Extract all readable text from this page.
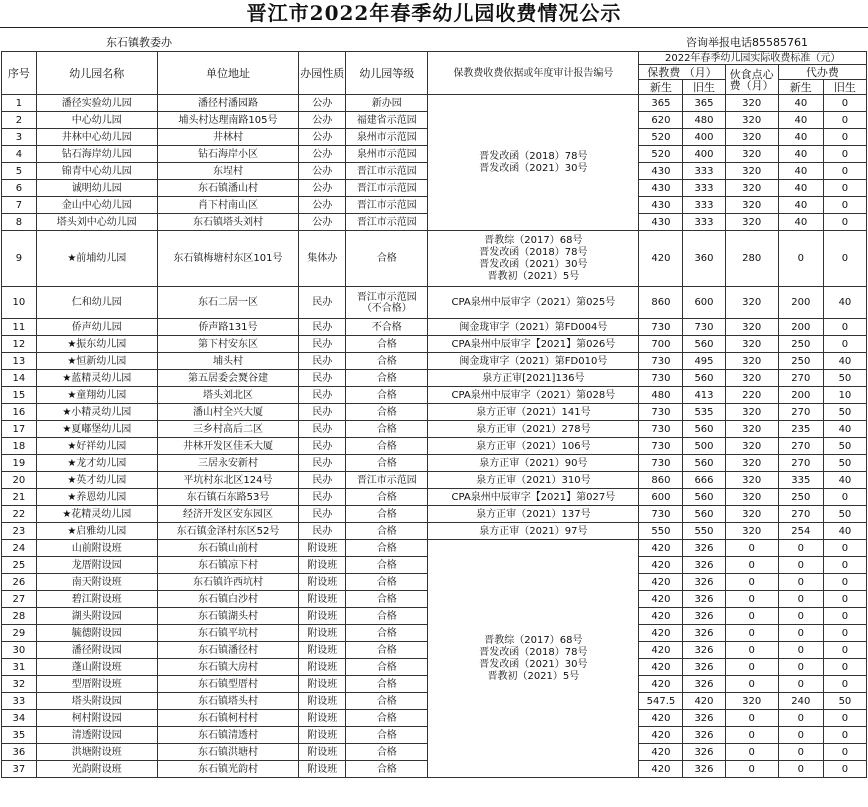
晋江市2022年春季幼儿园收费情况公示
东石镇教委办	咨询举报电话85585761
序号	幼儿园名称	单位地址	办园性质	幼儿园等级	保教费收费依据或年度审计报告编号	2022年春季幼儿园实际收费标准（元）				
						保教费 （月）		伙食点心费（月）	代办费	
						新生	旧生		新生	旧生
1	潘径实验幼儿园	潘径村潘园路	公办	新办园	晋发改函（2018）78号
晋发改函（2021）30号	365	365	320	40	0
2	中心幼儿园	埔头村达理南路105号	公办	福建省示范园		620	480	320	40	0
3	井林中心幼儿园	井林村	公办	泉州市示范园		520	400	320	40	0
4	钻石海岸幼儿园	钻石海岸小区	公办	泉州市示范园		520	400	320	40	0
5	锦青中心幼儿园	东埕村	公办	晋江市示范园		430	333	320	40	0
6	诚明幼儿园	东石镇潘山村	公办	晋江市示范园		430	333	320	40	0
7	金山中心幼儿园	肖下村南山区	公办	晋江市示范园		430	333	320	40	0
8	塔头刘中心幼儿园	东石镇塔头刘村	公办	晋江市示范园		430	333	320	40	0
9	★前埔幼儿园	东石镇梅塘村东区101号	集体办	合格	晋教综（2017）68号
晋发改函（2018）78号
晋发改函（2021）30号
晋教初（2021）5号	420	360	280	0	0
10	仁和幼儿园	东石二居一区	民办	晋江市示范园 （不合格）	CPA泉州中辰审字（2021）第025号	860	600	320	200	40
11	侨声幼儿园	侨声路131号	民办	不合格	闽金珑审字（2021）第FD004号	730	730	320	200	0
12	★振东幼儿园	第下村安东区	民办	合格	CPA泉州中辰审字【2021】第026号	700	560	320	250	0
13	★恒新幼儿园	埔头村	民办	合格	闽金珑审字（2021）第FD010号	730	495	320	250	40
14	★蓝精灵幼儿园	第五居委会燹谷建	民办	合格	泉方正审[2021]136号	730	560	320	270	50
15	★童翔幼儿园	塔头刘北区	民办	合格	CPA泉州中辰审字（2021）第028号	480	413	220	200	10
16	★小精灵幼儿园	潘山村全兴大厦	民办	合格	泉方正审（2021）141号	730	535	320	270	50
17	★夏嘟堡幼儿园	三乡村高后二区	民办	合格	泉方正审（2021）278号	730	560	320	235	40
18	★好祥幼儿园	井林开发区佳禾大厦	民办	合格	泉方正审（2021）106号	730	500	320	270	50
19	★龙才幼儿园	三居永安新村	民办	合格	泉方正审（2021）90号	730	560	320	270	50
20	★英才幼儿园	平坑村东北区124号	民办	晋江市示范园	泉方正审（2021）310号	860	666	320	335	40
21	★养恩幼儿园	东石镇石东路53号	民办	合格	CPA泉州中辰审字【2021】第027号	600	560	320	250	0
22	★花精灵幼儿园	经济开发区安东园区	民办	合格	泉方正审（2021）137号	730	560	320	270	50
23	★启雅幼儿园	东石镇金泽村东区52号	民办	合格	泉方正审（2021）97号	550	550	320	254	40
24	山前附设班	东石镇山前村	附设班	合格	晋教综（2017）68号
晋发改函（2018）78号
晋发改函（2021）30号
晋教初（2021）5号	420	326	0	0	0
25	龙厝附设园	东石镇凉下村	附设班	合格		420	326	0	0	0
26	南天附设班	东石镇许西坑村	附设班	合格		420	326	0	0	0
27	碧江附设班	东石镇白沙村	附设班	合格		420	326	0	0	0
28	湖头附设园	东石镇湖头村	附设班	合格		420	326	0	0	0
29	毓德附设园	东石镇平坑村	附设班	合格		420	326	0	0	0
30	潘径附设园	东石镇潘径村	附设班	合格		420	326	0	0	0
31	蓬山附设班	东石镇大房村	附设班	合格		420	326	0	0	0
32	型厝附设班	东石镇型厝村	附设班	合格		420	326	0	0	0
33	塔头附设园	东石镇塔头村	附设班	合格		547.5	420	320	240	50
34	柯村附设园	东石镇柯村村	附设班	合格		420	326	0	0	0
35	清透附设园	东石镇清透村	附设班	合格		420	326	0	0	0
36	洪塘附设班	东石镇洪塘村	附设班	合格		420	326	0	0	0
37	光韵附设班	东石镇光韵村	附设班	合格		420	326	0	0	0
